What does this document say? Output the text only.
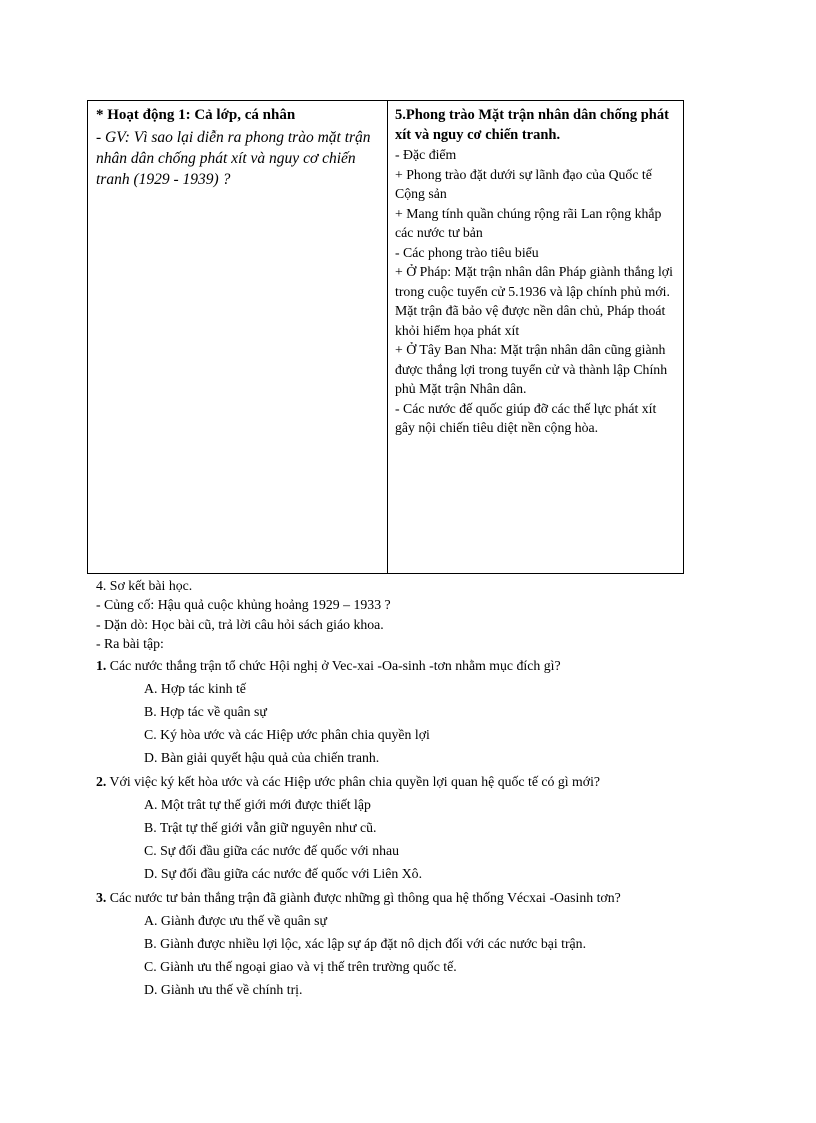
* Hoạt động 1: Cả lớp, cá nhân
- GV: Vì sao lại diễn ra phong trào mặt trận nhân dân chống phát xít và nguy cơ chiến tranh (1929 - 1939) ?
5.Phong trào Mặt trận nhân dân chống phát xít và nguy cơ chiến tranh.
- Đặc điểm
+ Phong trào đặt dưới sự lãnh đạo của Quốc tế Cộng sản
+ Mang tính quần chúng rộng rãi Lan rộng khắp các nước tư bản
- Các phong trào tiêu biểu
+ Ở Pháp: Mặt trận nhân dân Pháp giành thắng lợi trong cuộc tuyển cử 5.1936 và lập chính phủ mới. Mặt trận đã bảo vệ được nền dân chủ, Pháp thoát khỏi hiểm họa phát xít
+ Ở Tây Ban Nha: Mặt trận nhân dân cũng giành được thắng lợi trong tuyển cử và thành lập Chính phủ Mặt trận Nhân dân.
- Các nước đế quốc giúp đỡ các thế lực phát xít gây nội chiến tiêu diệt nền cộng hòa.
4. Sơ kết bài học.
- Củng cố: Hậu quả cuộc khủng hoảng 1929 – 1933 ?
- Dặn dò: Học bài cũ, trả lời câu hỏi sách giáo khoa.
- Ra bài tập:
1. Các nước thắng trận tổ chức Hội nghị ở Vec-xai -Oa-sinh -tơn nhằm mục đích gì?
A. Hợp tác kinh tế
B. Hợp tác về quân sự
C. Ký hòa ước và các Hiệp ước phân chia quyền lợi
D. Bàn giải quyết hậu quả của chiến tranh.
2. Với việc ký kết hòa ước và các Hiệp ước phân chia quyền lợi quan hệ quốc tế có gì mới?
A. Một trât tự thế giới mới được thiết lập
B. Trật tự thế giới vẫn giữ nguyên như cũ.
C. Sự đối đầu giữa các nước đế quốc với nhau
D. Sự đối đầu giữa các nước đế quốc với Liên Xô.
3. Các nước tư bản thắng trận đã giành được những gì thông qua hệ thống Vécxai -Oasinh tơn?
A. Giành được ưu thế về quân sự
B. Giành được nhiều lợi lộc, xác lập sự áp đặt nô dịch đối với các nước bại trận.
C. Giành ưu thế ngoại giao và vị thế trên trường quốc tế.
D. Giành ưu thế về chính trị.
